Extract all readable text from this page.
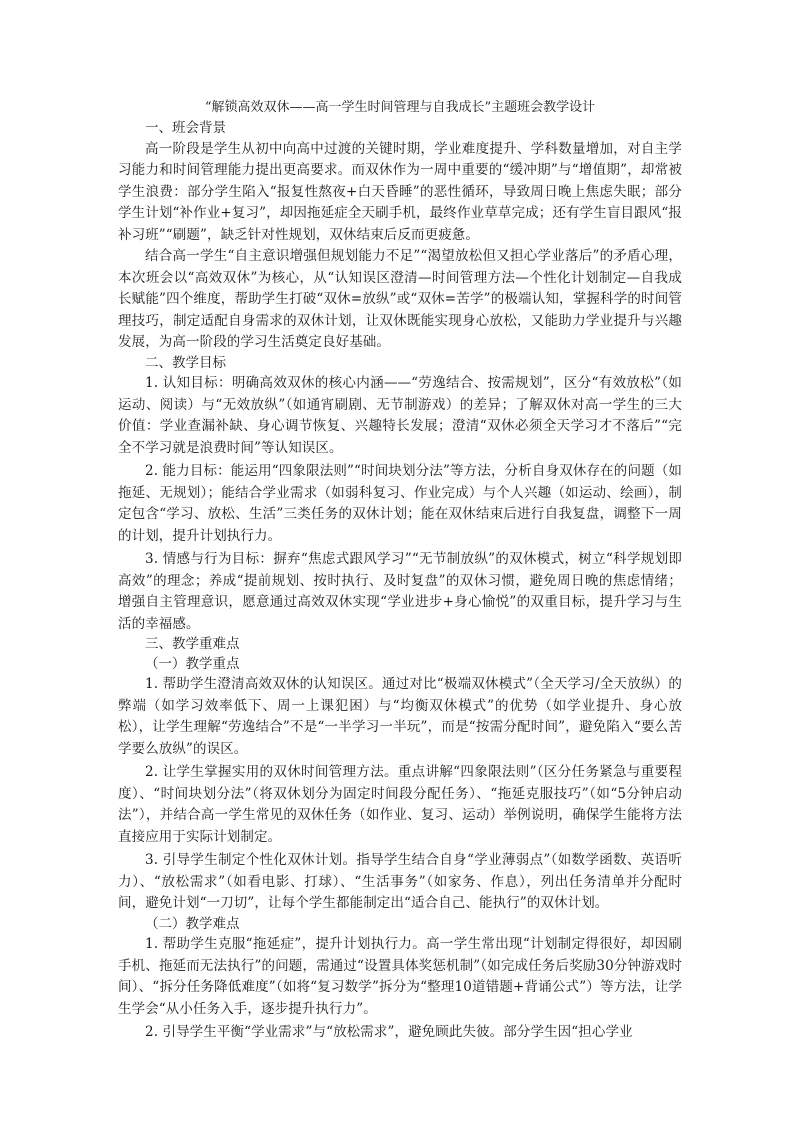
“解锁高效双休——高一学生时间管理与自我成长”主题班会教学设计
一、班会背景

高一阶段是学生从初中向高中过渡的关键时期，学业难度提升、学科数量增加，对自主学习能力和时间管理能力提出更高要求。而双休作为一周中重要的“缓冲期”与“增值期”，却常被学生浪费：部分学生陷入“报复性熬夜+白天昏睡”的恶性循环，导致周日晚上焦虑失眠；部分学生计划“补作业+复习”，却因拖延症全天刷手机，最终作业草草完成；还有学生盲目跟风“报补习班”“刷题”，缺乏针对性规划，双休结束后反而更疲惫。

结合高一学生“自主意识增强但规划能力不足”“渴望放松但又担心学业落后”的矛盾心理，本次班会以“高效双休”为核心，从“认知误区澄清—时间管理方法—个性化计划制定—自我成长赋能”四个维度，帮助学生打破“双休=放纵”或“双休=苦学”的极端认知，掌握科学的时间管理技巧，制定适配自身需求的双休计划，让双休既能实现身心放松，又能助力学业提升与兴趣发展，为高一阶段的学习生活奠定良好基础。

二、教学目标

1. 认知目标：明确高效双休的核心内涵——“劳逸结合、按需规划”，区分“有效放松”（如运动、阅读）与“无效放纵”（如通宵刷剧、无节制游戏）的差异；了解双休对高一学生的三大价值：学业查漏补缺、身心调节恢复、兴趣特长发展；澄清“双休必须全天学习才不落后”“完全不学习就是浪费时间”等认知误区。

2. 能力目标：能运用“四象限法则”“时间块划分法”等方法，分析自身双休存在的问题（如拖延、无规划）；能结合学业需求（如弱科复习、作业完成）与个人兴趣（如运动、绘画），制定包含“学习、放松、生活”三类任务的双休计划；能在双休结束后进行自我复盘，调整下一周的计划，提升计划执行力。

3. 情感与行为目标：摒弃“焦虑式跟风学习”“无节制放纵”的双休模式，树立“科学规划即高效”的理念；养成“提前规划、按时执行、及时复盘”的双休习惯，避免周日晚的焦虑情绪；增强自主管理意识，愿意通过高效双休实现“学业进步+身心愉悦”的双重目标，提升学习与生活的幸福感。

三、教学重难点
（一）教学重点

1. 帮助学生澄清高效双休的认知误区。通过对比“极端双休模式”（全天学习/全天放纵）的弊端（如学习效率低下、周一上课犯困）与“均衡双休模式”的优势（如学业提升、身心放松），让学生理解“劳逸结合”不是“一半学习一半玩”，而是“按需分配时间”，避免陷入“要么苦学要么放纵”的误区。

2. 让学生掌握实用的双休时间管理方法。重点讲解“四象限法则”（区分任务紧急与重要程度）、“时间块划分法”（将双休划分为固定时间段分配任务）、“拖延克服技巧”（如“5分钟启动法”），并结合高一学生常见的双休任务（如作业、复习、运动）举例说明，确保学生能将方法直接应用于实际计划制定。

3. 引导学生制定个性化双休计划。指导学生结合自身“学业薄弱点”（如数学函数、英语听力）、“放松需求”（如看电影、打球）、“生活事务”（如家务、作息），列出任务清单并分配时间，避免计划“一刀切”，让每个学生都能制定出“适合自己、能执行”的双休计划。

（二）教学难点

1. 帮助学生克服“拖延症”，提升计划执行力。高一学生常出现“计划制定得很好，却因刷手机、拖延而无法执行”的问题，需通过“设置具体奖惩机制”（如完成任务后奖励30分钟游戏时间）、“拆分任务降低难度”（如将“复习数学”拆分为“整理10道错题+背诵公式”）等方法，让学生学会“从小任务入手，逐步提升执行力”。

2. 引导学生平衡“学业需求”与“放松需求”，避免顾此失彼。部分学生因“担心学业
